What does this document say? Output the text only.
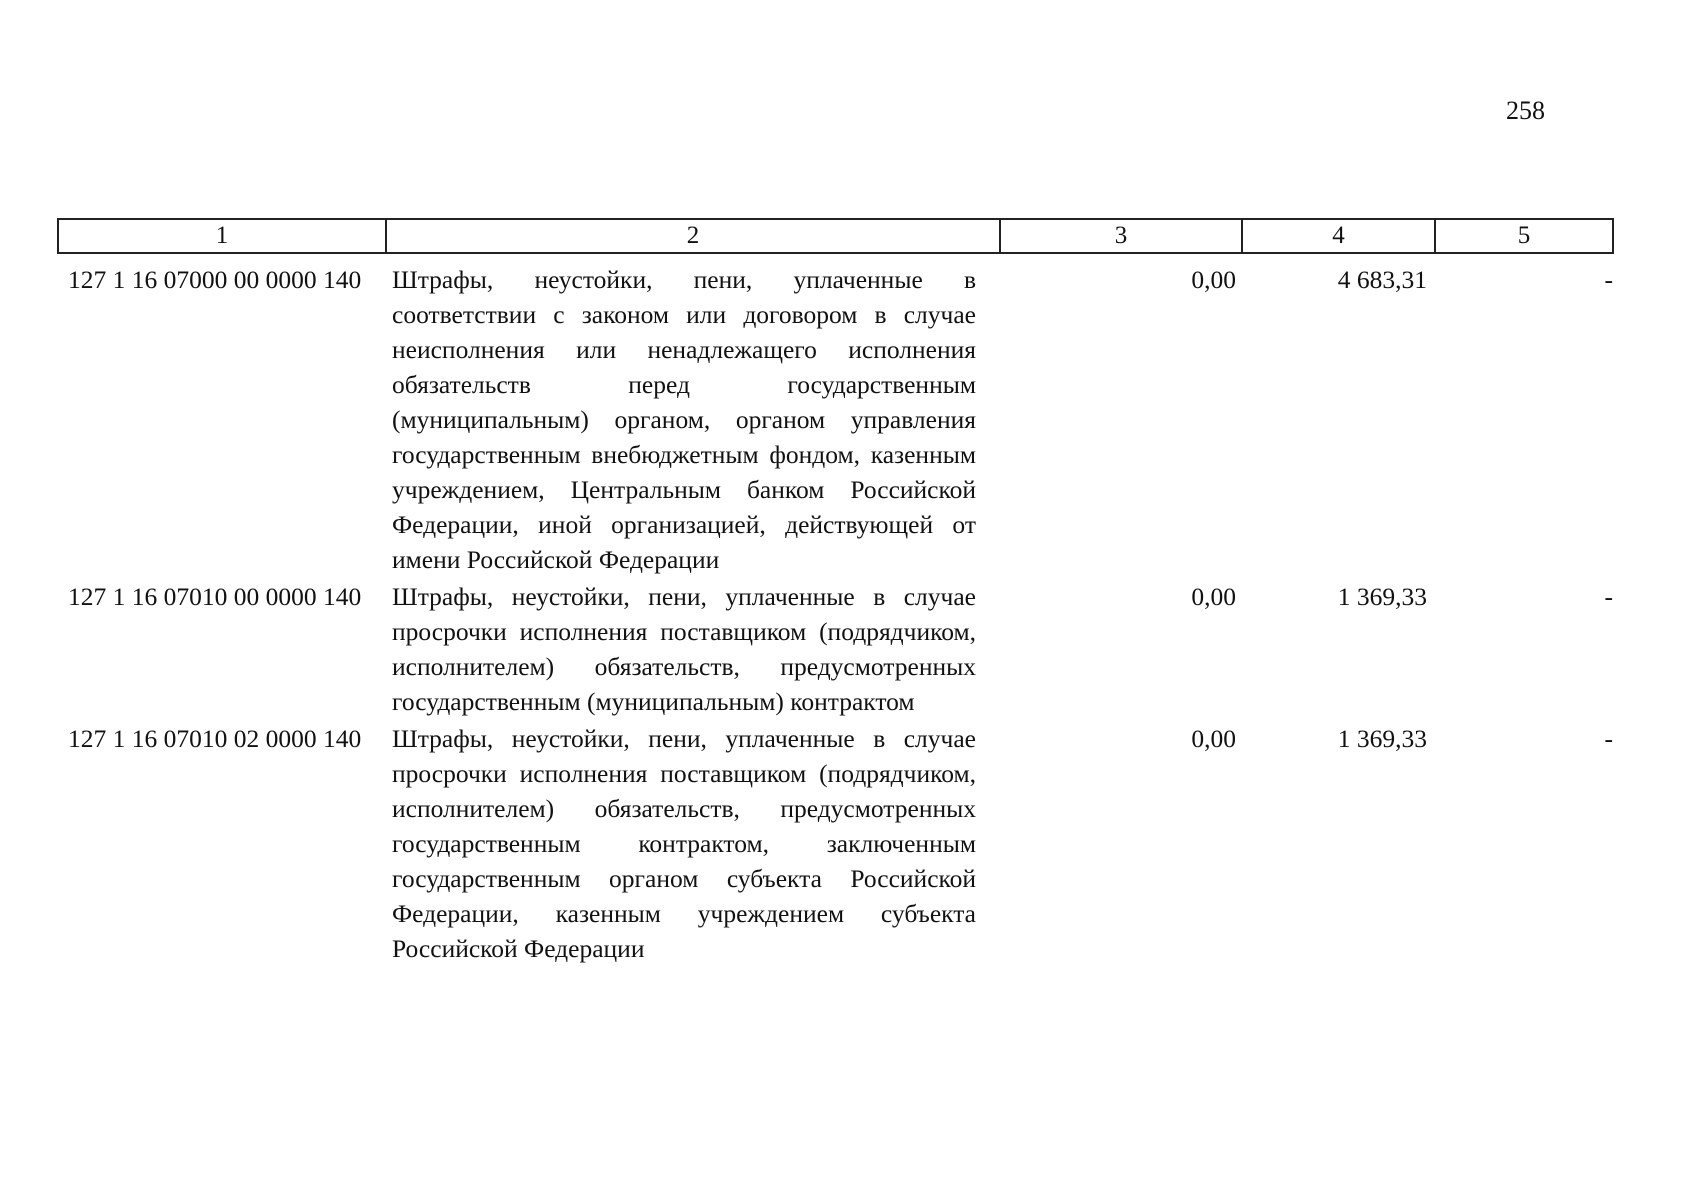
258
1	2	3	4	5
127 1 16 07000 00 0000 140	Штрафы, неустойки, пени, уплаченные в соответствии с законом или договором в случае неисполнения или ненадлежащего исполнения обязательств перед государственным (муниципальным) органом, органом управления государственным внебюджетным фондом, казенным учреждением, Центральным банком Российской Федерации, иной организацией, действующей от имени Российской Федерации	0,00	4 683,31	-
127 1 16 07010 00 0000 140	Штрафы, неустойки, пени, уплаченные в случае просрочки исполнения поставщиком (подрядчиком, исполнителем) обязательств, предусмотренных государственным (муниципальным) контрактом	0,00	1 369,33	-
127 1 16 07010 02 0000 140	Штрафы, неустойки, пени, уплаченные в случае просрочки исполнения поставщиком (подрядчиком, исполнителем) обязательств, предусмотренных государственным контрактом, заключенным государственным органом субъекта Российской Федерации, казенным учреждением субъекта Российской Федерации	0,00	1 369,33	-
